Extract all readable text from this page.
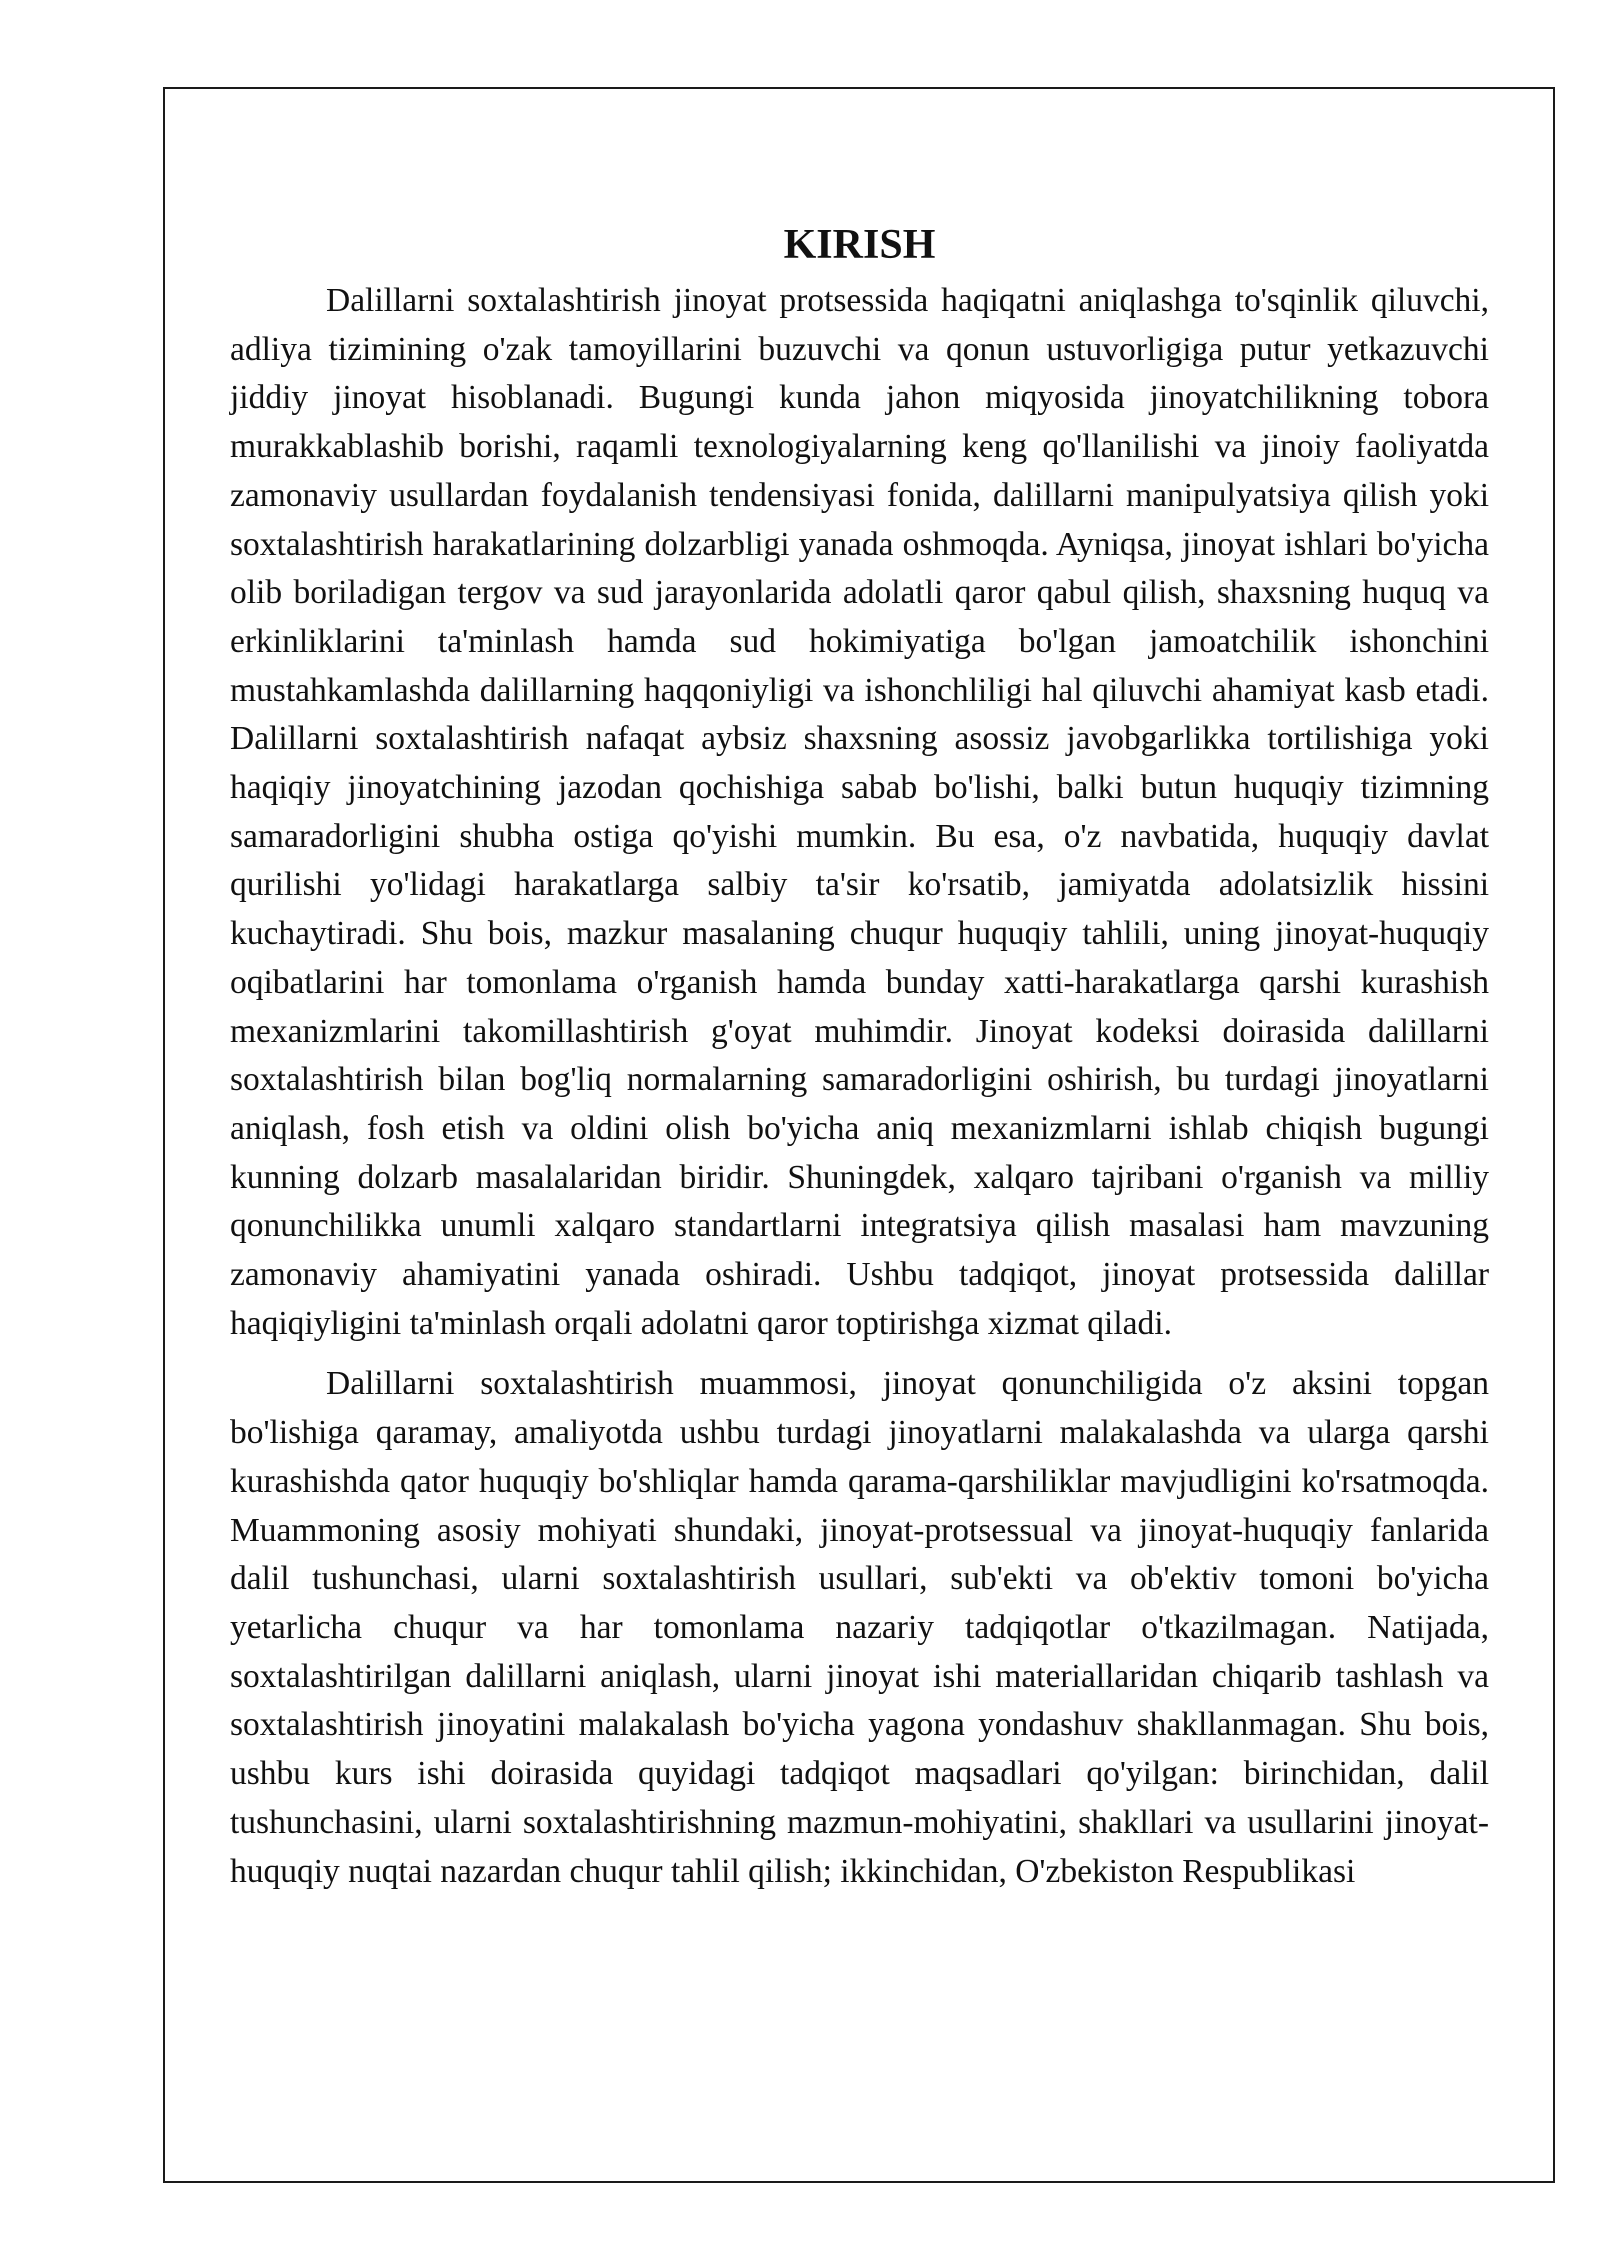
KIRISH

Dalillarni soxtalashtirish jinoyat protsessida haqiqatni aniqlashga to'sqinlik qiluvchi, adliya tizimining o'zak tamoyillarini buzuvchi va qonun ustuvorligiga putur yetkazuvchi jiddiy jinoyat hisoblanadi. Bugungi kunda jahon miqyosida jinoyatchilikning tobora murakkablashib borishi, raqamli texnologiyalarning keng qo'llanilishi va jinoiy faoliyatda zamonaviy usullardan foydalanish tendensiyasi fonida, dalillarni manipulyatsiya qilish yoki soxtalashtirish harakatlarining dolzarbligi yanada oshmoqda. Ayniqsa, jinoyat ishlari bo'yicha olib boriladigan tergov va sud jarayonlarida adolatli qaror qabul qilish, shaxsning huquq va erkinliklarini ta'minlash hamda sud hokimiyatiga bo'lgan jamoatchilik ishonchini mustahkamlashda dalillarning haqqoniyligi va ishonchliligi hal qiluvchi ahamiyat kasb etadi. Dalillarni soxtalashtirish nafaqat aybsiz shaxsning asossiz javobgarlikka tortilishiga yoki haqiqiy jinoyatchining jazodan qochishiga sabab bo'lishi, balki butun huquqiy tizimning samaradorligini shubha ostiga qo'yishi mumkin. Bu esa, o'z navbatida, huquqiy davlat qurilishi yo'lidagi harakatlarga salbiy ta'sir ko'rsatib, jamiyatda adolatsizlik hissini kuchaytiradi. Shu bois, mazkur masalaning chuqur huquqiy tahlili, uning jinoyat-huquqiy oqibatlarini har tomonlama o'rganish hamda bunday xatti-harakatlarga qarshi kurashish mexanizmlarini takomillashtirish g'oyat muhimdir. Jinoyat kodeksi doirasida dalillarni soxtalashtirish bilan bog'liq normalarning samaradorligini oshirish, bu turdagi jinoyatlarni aniqlash, fosh etish va oldini olish bo'yicha aniq mexanizmlarni ishlab chiqish bugungi kunning dolzarb masalalaridan biridir. Shuningdek, xalqaro tajribani o'rganish va milliy qonunchilikka unumli xalqaro standartlarni integratsiya qilish masalasi ham mavzuning zamonaviy ahamiyatini yanada oshiradi. Ushbu tadqiqot, jinoyat protsessida dalillar haqiqiyligini ta'minlash orqali adolatni qaror toptirishga xizmat qiladi.

Dalillarni soxtalashtirish muammosi, jinoyat qonunchiligida o'z aksini topgan bo'lishiga qaramay, amaliyotda ushbu turdagi jinoyatlarni malakalashda va ularga qarshi kurashishda qator huquqiy bo'shliqlar hamda qarama-qarshiliklar mavjudligini ko'rsatmoqda. Muammoning asosiy mohiyati shundaki, jinoyat-protsessual va jinoyat-huquqiy fanlarida dalil tushunchasi, ularni soxtalashtirish usullari, sub'ekti va ob'ektiv tomoni bo'yicha yetarlicha chuqur va har tomonlama nazariy tadqiqotlar o'tkazilmagan. Natijada, soxtalashtirilgan dalillarni aniqlash, ularni jinoyat ishi materiallaridan chiqarib tashlash va soxtalashtirish jinoyatini malakalash bo'yicha yagona yondashuv shakllanmagan. Shu bois, ushbu kurs ishi doirasida quyidagi tadqiqot maqsadlari qo'yilgan: birinchidan, dalil tushunchasini, ularni soxtalashtirishning mazmun-mohiyatini, shakllari va usullarini jinoyat-huquqiy nuqtai nazardan chuqur tahlil qilish; ikkinchidan, O'zbekiston Respublikasi
